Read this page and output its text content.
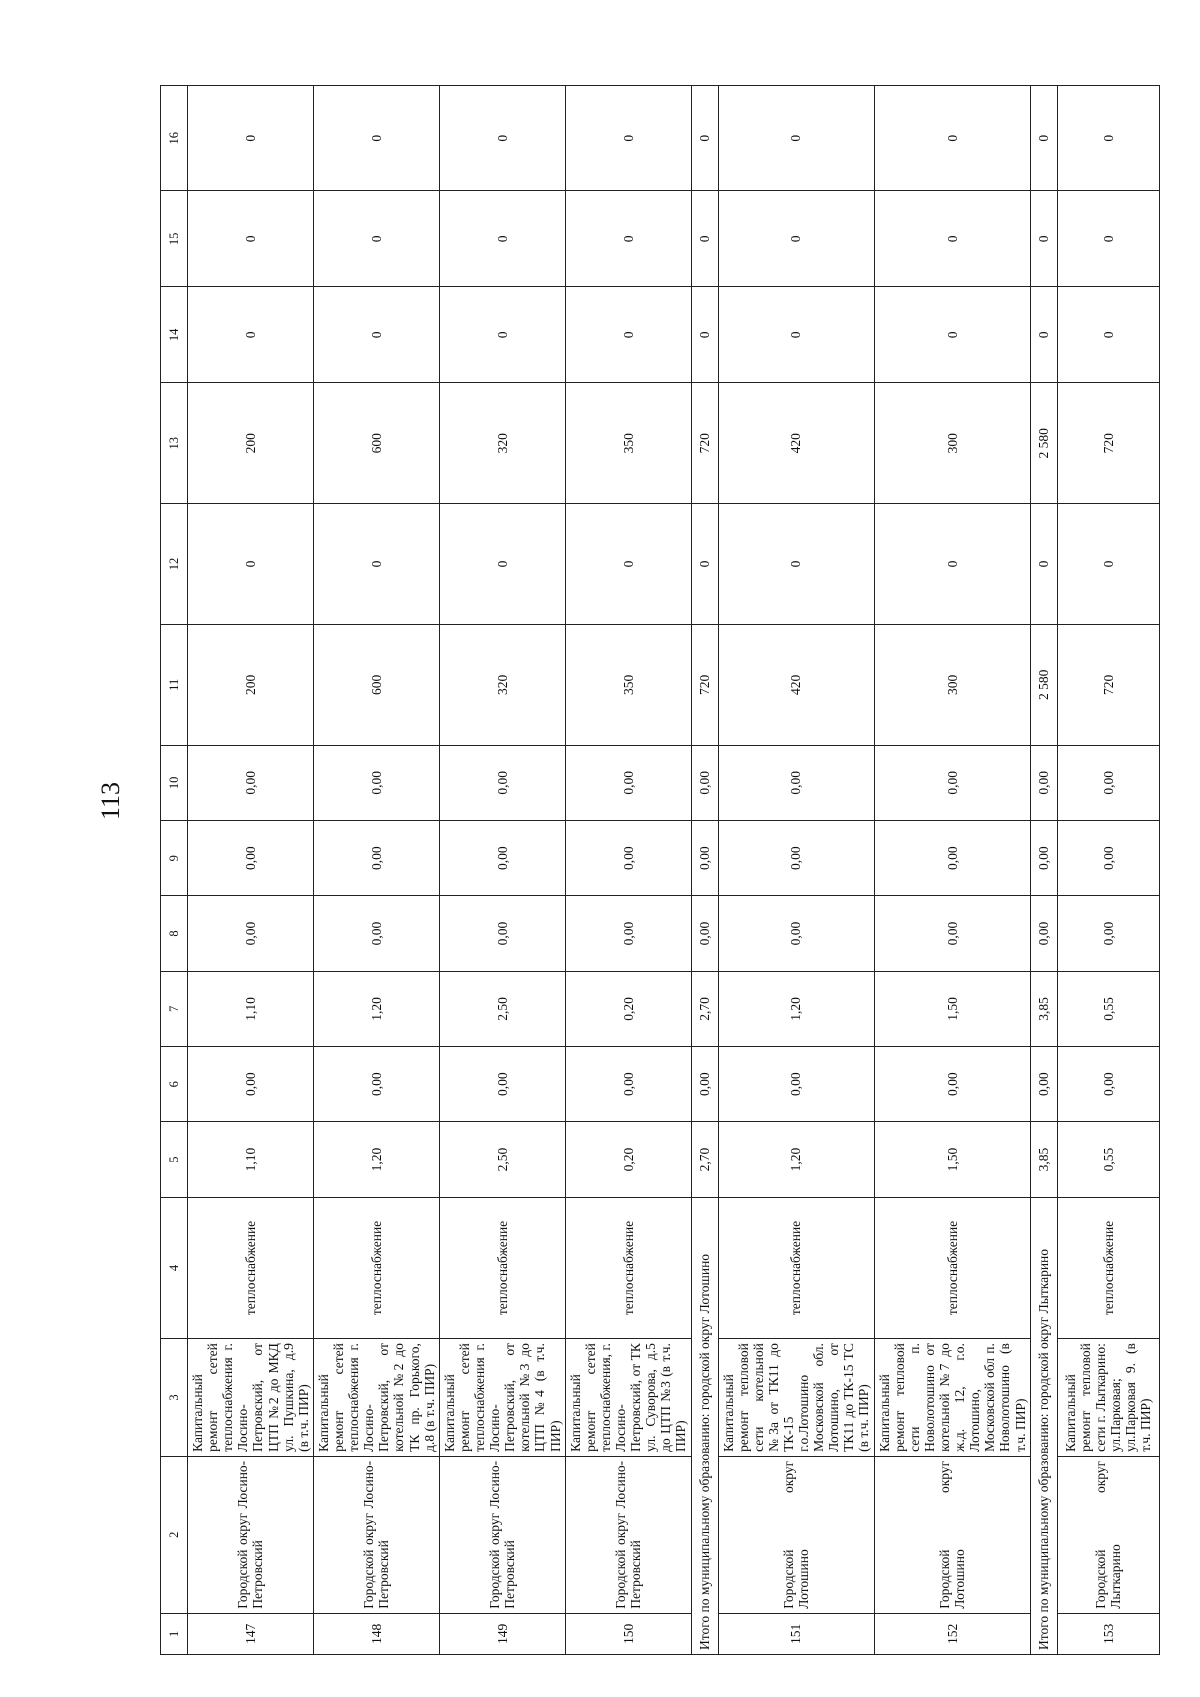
113
1	2	3	4	5	6	7	8	9	10	11	12	13	14	15	16
147	Городской округ Лосино-Петровский	Капитальный ремонт сетей теплоснабжения г. Лосино-Петровский, от ЦТП №2 до МКД ул. Пушкина, д.9 (в т.ч. ПИР)	теплоснабжение	1,10	0,00	1,10	0,00	0,00	0,00	200	0	200	0	0	0
148	Городской округ Лосино-Петровский	Капитальный ремонт сетей теплоснабжения г. Лосино-Петровский, от котельной №2 до ТК пр. Горького, д.8 (в т.ч. ПИР)	теплоснабжение	1,20	0,00	1,20	0,00	0,00	0,00	600	0	600	0	0	0
149	Городской округ Лосино-Петровский	Капитальный ремонт сетей теплоснабжения г. Лосино-Петровский, от котельной №3 до ЦТП №4 (в т.ч. ПИР)	теплоснабжение	2,50	0,00	2,50	0,00	0,00	0,00	320	0	320	0	0	0
150	Городской округ Лосино-Петровский	Капитальный ремонт сетей теплоснабжения, г. Лосино-Петровский, от ТК ул. Суворова, д.5 до ЦТП №3 (в т.ч. ПИР)	теплоснабжение	0,20	0,00	0,20	0,00	0,00	0,00	350	0	350	0	0	0
Итого по муниципальному образованию: городской округ Лотошино				2,70	0,00	2,70	0,00	0,00	0,00	720	0	720	0	0	0
151	Городской округ Лотошино	Капитальный ремонт тепловой сети котельной №3а от ТК11 до ТК-15 г.о.Лотошино Московской обл. Лотошино, от ТК11 до ТК-15 ТС (в т.ч. ПИР)	теплоснабжение	1,20	0,00	1,20	0,00	0,00	0,00	420	0	420	0	0	0
152	Городской округ Лотошино	Капитальный ремонт тепловой сети п. Новолотошино от котельной №7 до ж.д. 12, г.о. Лотошино, Московской обл п. Новолотошино (в т.ч. ПИР)	теплоснабжение	1,50	0,00	1,50	0,00	0,00	0,00	300	0	300	0	0	0
Итого по муниципальному образованию: городской округ Лыткарино				3,85	0,00	3,85	0,00	0,00	0,00	2 580	0	2 580	0	0	0
153	Городской округ Лыткарино	Капитальный ремонт тепловой сети г. Лыткарино: ул.Парковая; ул.Парковая 9. (в т.ч. ПИР)	теплоснабжение	0,55	0,00	0,55	0,00	0,00	0,00	720	0	720	0	0	0
